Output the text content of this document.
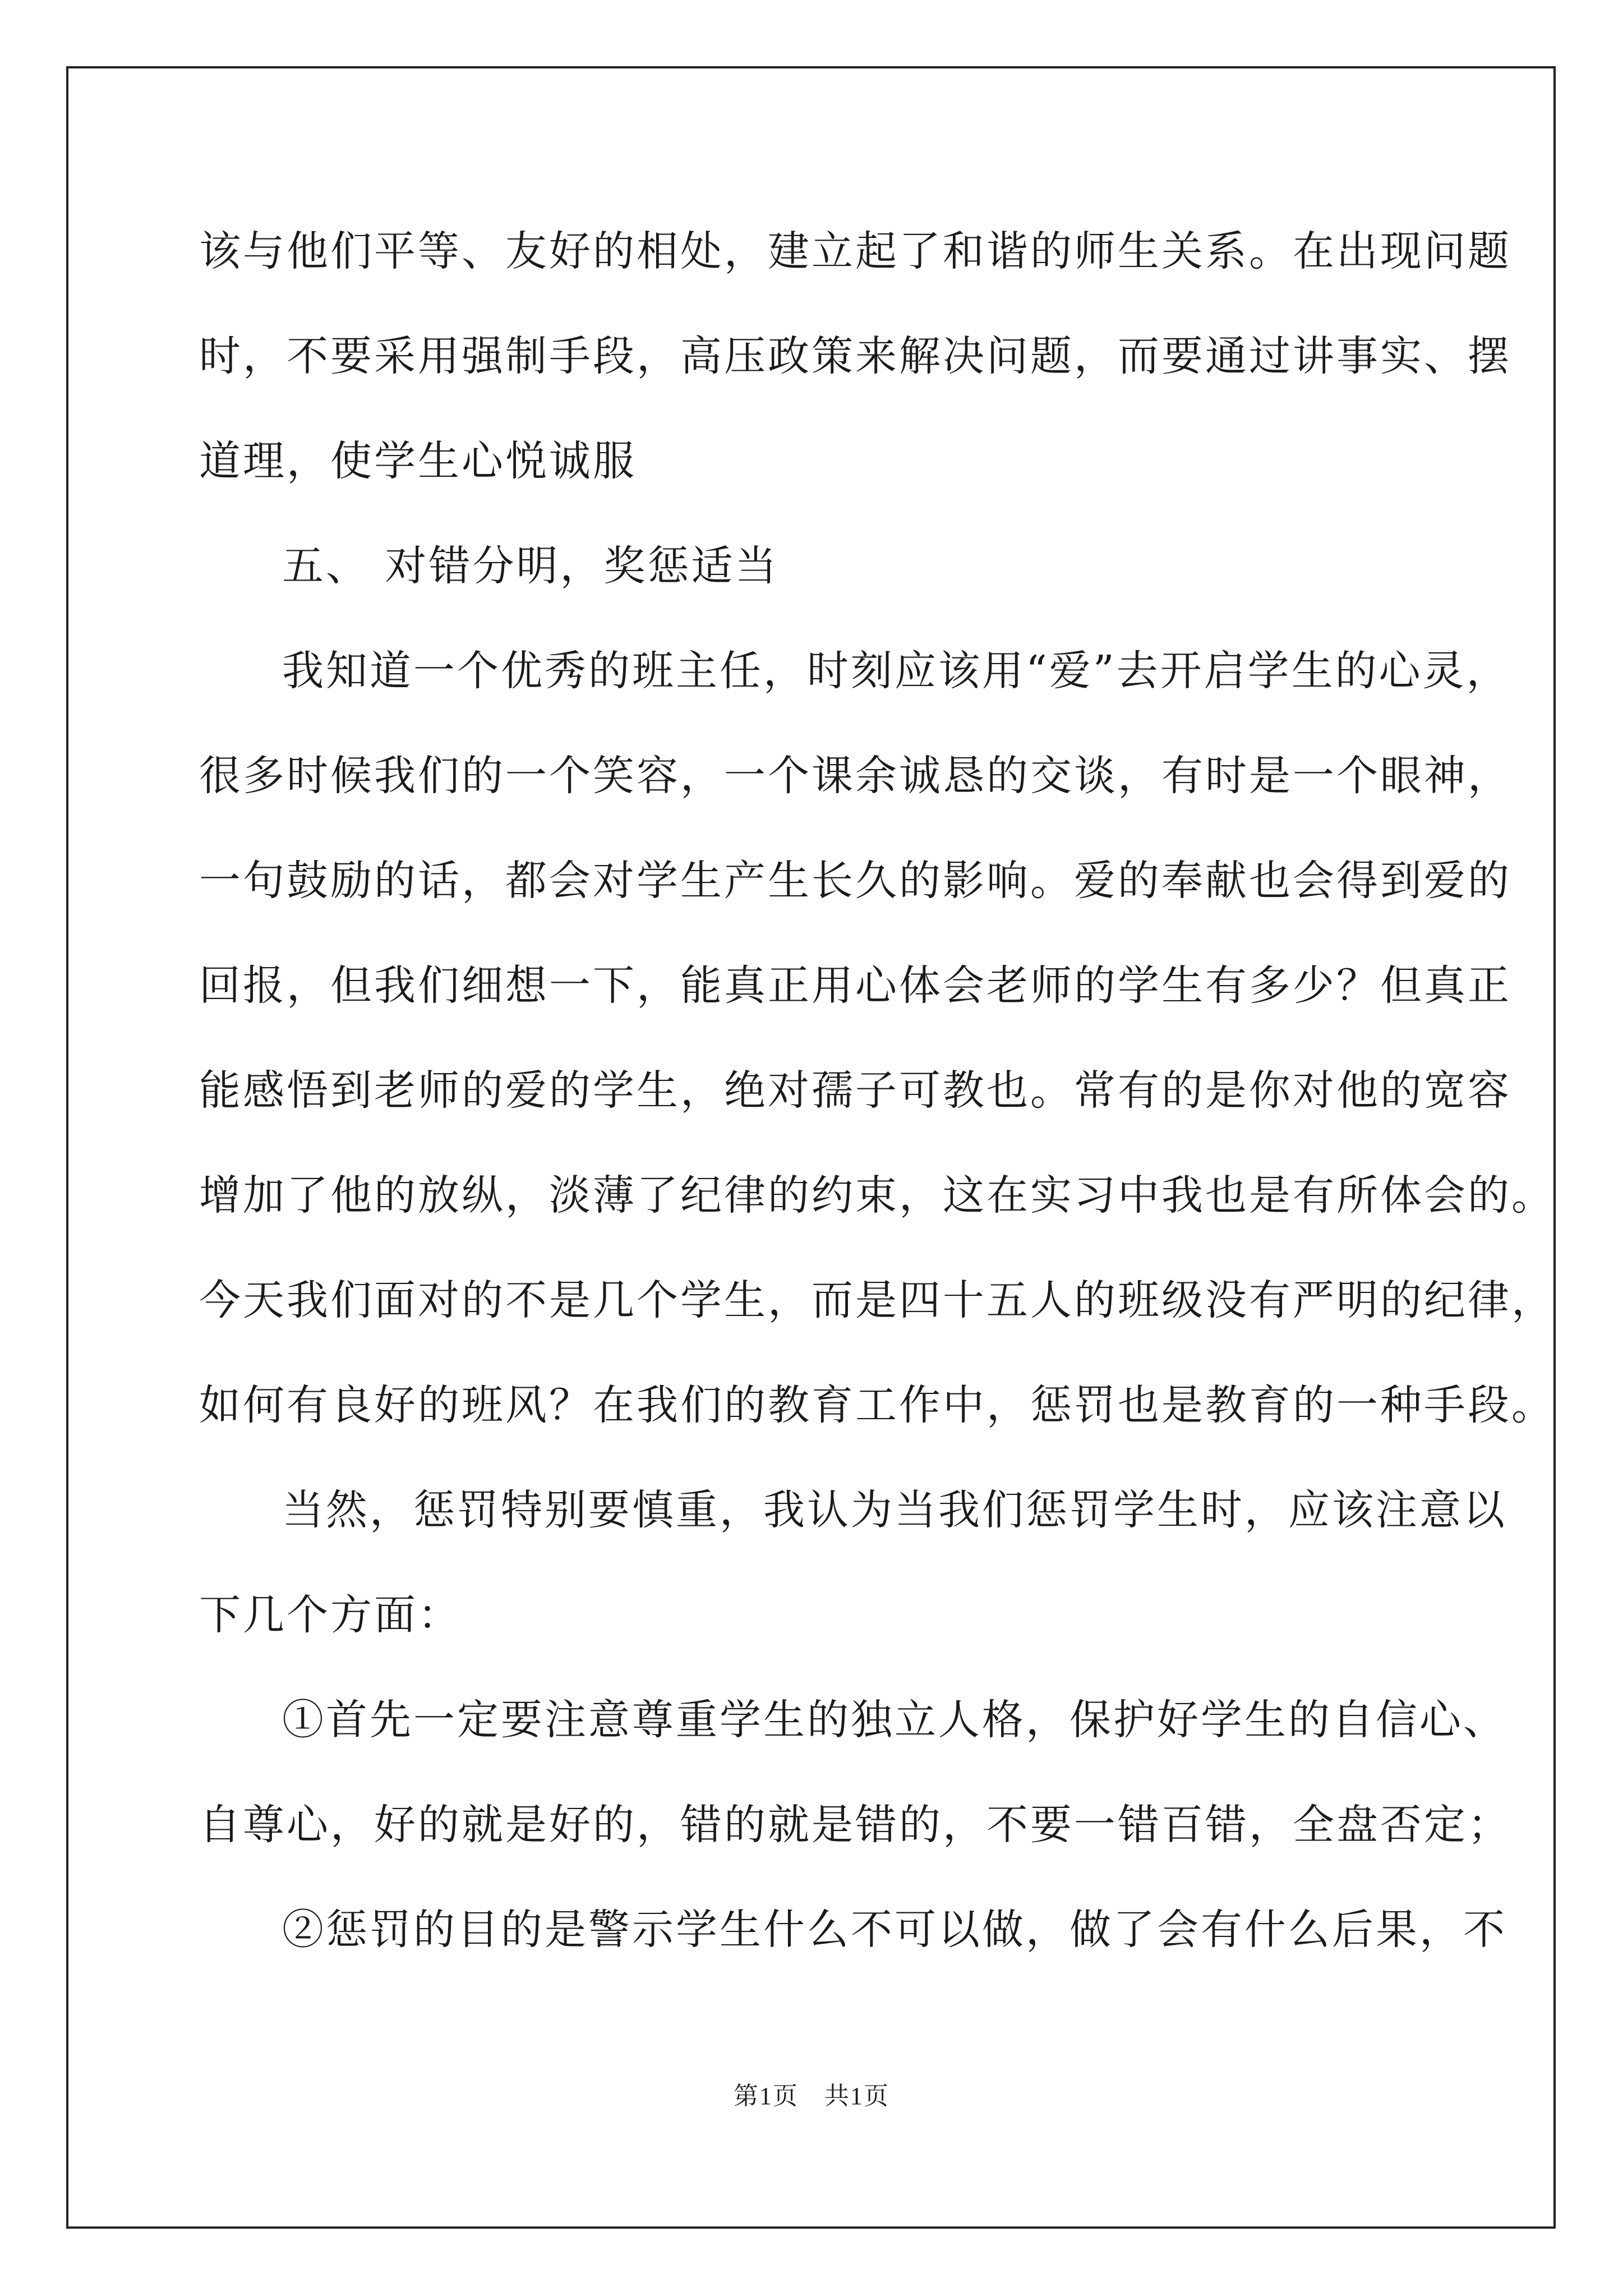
该与他们平等、友好的相处，建立起了和谐的师生关系。在出现问题
时，不要采用强制手段，高压政策来解决问题，而要通过讲事实、摆
道理，使学生心悦诚服
五、 对错分明，奖惩适当
我知道一个优秀的班主任，时刻应该用“爱”去开启学生的心灵，
很多时候我们的一个笑容，一个课余诚恳的交谈，有时是一个眼神，
一句鼓励的话，都会对学生产生长久的影响。爱的奉献也会得到爱的
回报，但我们细想一下，能真正用心体会老师的学生有多少？但真正
能感悟到老师的爱的学生，绝对孺子可教也。常有的是你对他的宽容
增加了他的放纵，淡薄了纪律的约束，这在实习中我也是有所体会的。
今天我们面对的不是几个学生，而是四十五人的班级没有严明的纪律，
如何有良好的班风？在我们的教育工作中，惩罚也是教育的一种手段。
当然，惩罚特别要慎重，我认为当我们惩罚学生时，应该注意以
下几个方面：
①首先一定要注意尊重学生的独立人格，保护好学生的自信心、
自尊心，好的就是好的，错的就是错的，不要一错百错，全盘否定；
②惩罚的目的是警示学生什么不可以做，做了会有什么后果，不
第1页　共1页
